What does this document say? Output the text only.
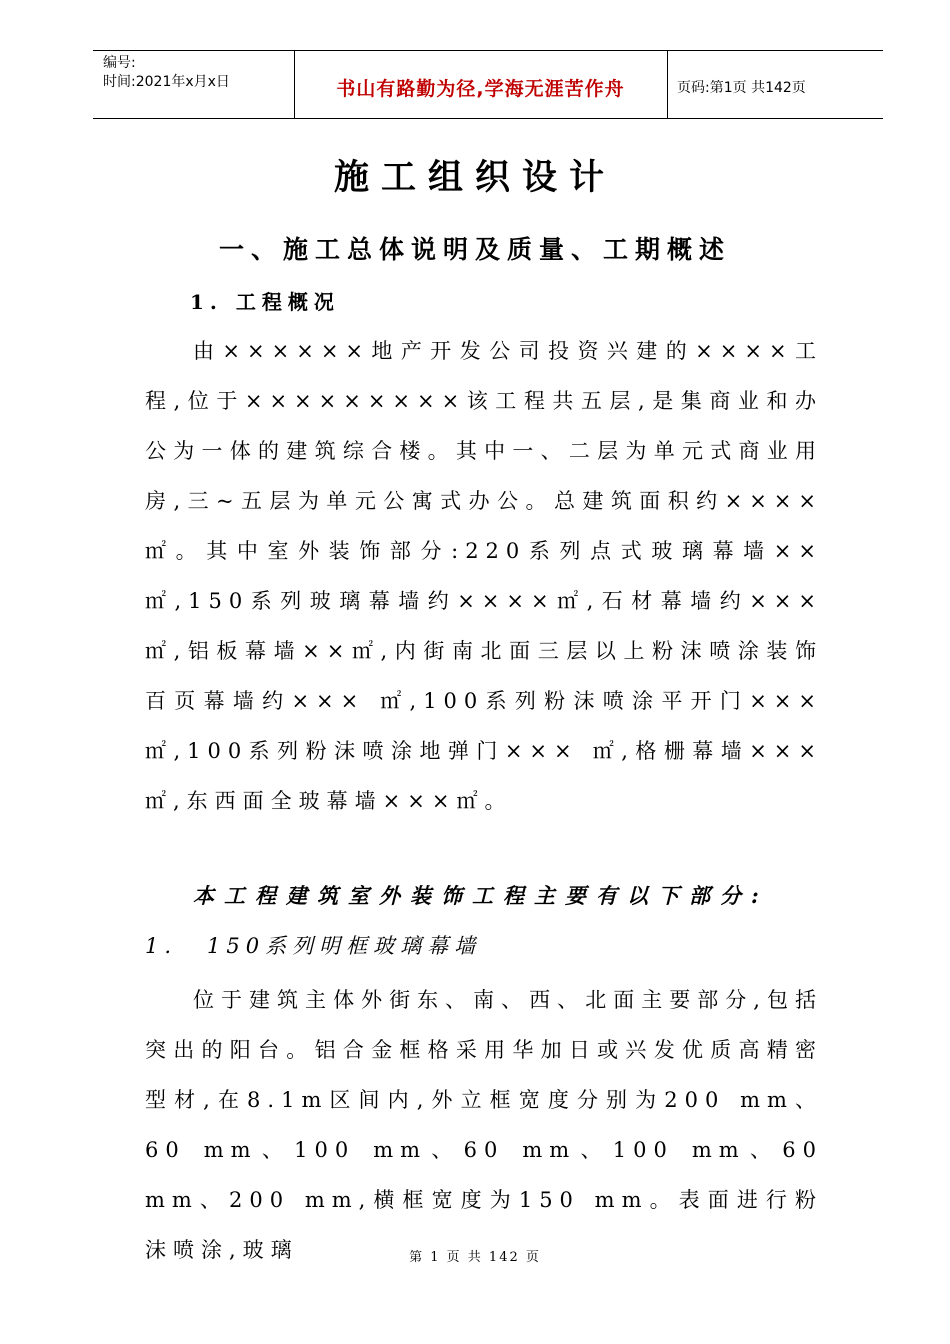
编号:
时间:2021年x月x日	书山有路勤为径,学海无涯苦作舟	页码:第1页 共142页
施工组织设计
一、施工总体说明及质量、工期概述
1. 工程概况

由××××××地产开发公司投资兴建的××××工程,位于×××××××××该工程共五层,是集商业和办公为一体的建筑综合楼。其中一、二层为单元式商业用房,三~五层为单元公寓式办公。总建筑面积约××××㎡。其中室外装饰部分:220系列点式玻璃幕墙××㎡,150系列玻璃幕墙约××××㎡,石材幕墙约××× ㎡,铝板幕墙××㎡,内街南北面三层以上粉沫喷涂装饰百页幕墙约××× ㎡,100系列粉沫喷涂平开门××× ㎡,100系列粉沫喷涂地弹门××× ㎡,格栅幕墙××× ㎡,东西面全玻幕墙×××㎡。

本工程建筑室外装饰工程主要有以下部分:
1. 150系列明框玻璃幕墙

位于建筑主体外街东、南、西、北面主要部分,包括突出的阳台。铝合金框格采用华加日或兴发优质高精密型材,在8.1m区间内,外立框宽度分别为200 mm、60 mm、100 mm、60 mm、100 mm、60 mm、200 mm,横框宽度为150 mm。表面进行粉沫喷涂,玻璃	第 1 页 共 142 页
